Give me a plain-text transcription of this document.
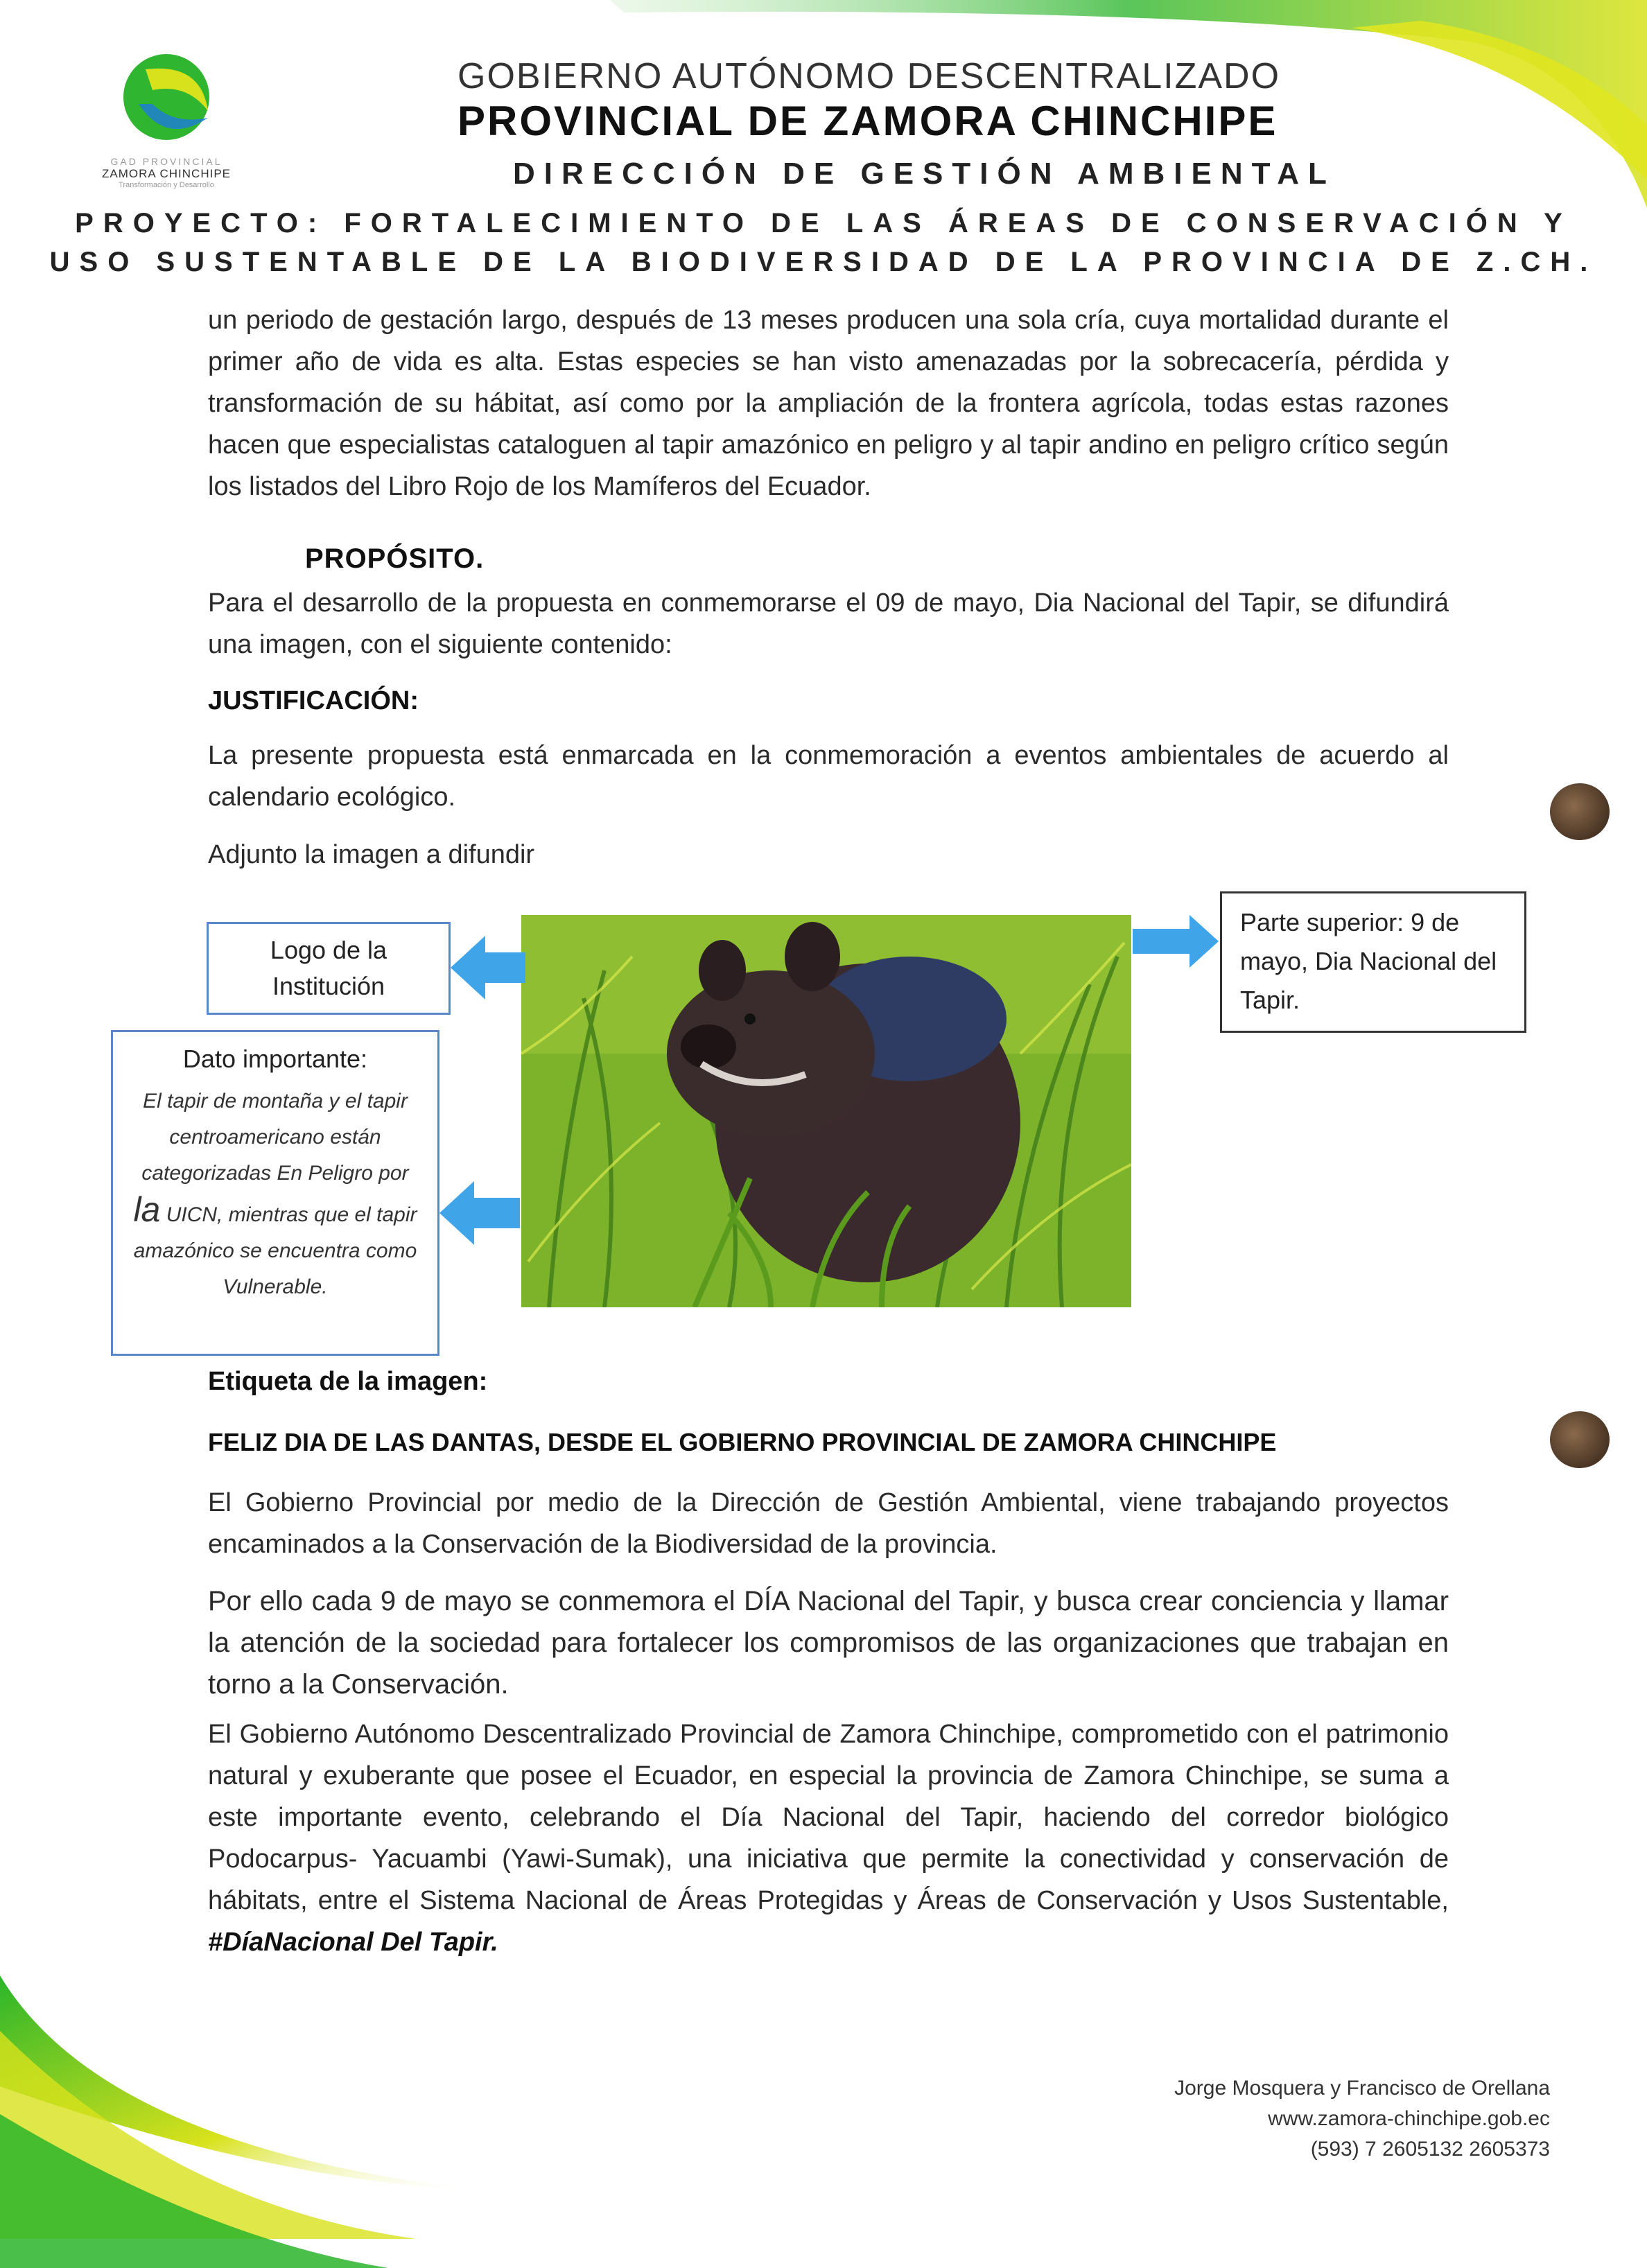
GAD PROVINCIAL
ZAMORA CHINCHIPE
Transformación y Desarrollo
GOBIERNO AUTÓNOMO DESCENTRALIZADO
PROVINCIAL DE ZAMORA CHINCHIPE
DIRECCIÓN DE GESTIÓN AMBIENTAL
PROYECTO: FORTALECIMIENTO DE LAS ÁREAS DE CONSERVACIÓN Y
USO SUSTENTABLE DE LA BIODIVERSIDAD DE LA PROVINCIA DE Z.CH.
un periodo de gestación largo, después de 13 meses producen una sola cría, cuya mortalidad durante el primer año de vida es alta. Estas especies se han visto amenazadas por la sobrecacería, pérdida y transformación de su hábitat, así como por la ampliación de la frontera agrícola, todas estas razones hacen que especialistas cataloguen al tapir amazónico en peligro y al tapir andino en peligro crítico según los listados del Libro Rojo de los Mamíferos del Ecuador.
PROPÓSITO.
Para el desarrollo de la propuesta en conmemorarse el 09 de mayo, Dia Nacional del Tapir, se difundirá una imagen, con el siguiente contenido:
JUSTIFICACIÓN:
La presente propuesta está enmarcada en la conmemoración a eventos ambientales de acuerdo al calendario ecológico.
Adjunto la imagen a difundir
Logo de la Institución
Parte superior: 9 de mayo, Dia Nacional del Tapir.
Dato importante:
El tapir de montaña y el tapir centroamericano están categorizadas En Peligro por la UICN, mientras que el tapir amazónico se encuentra como Vulnerable.
Etiqueta de la imagen:
FELIZ DIA DE LAS DANTAS, DESDE EL GOBIERNO PROVINCIAL DE ZAMORA CHINCHIPE
El Gobierno Provincial por medio de la Dirección de Gestión Ambiental, viene trabajando proyectos encaminados a la Conservación de la Biodiversidad de la provincia.
Por ello cada 9 de mayo se conmemora el DÍA Nacional del Tapir, y busca crear conciencia y llamar la atención de la sociedad para fortalecer los compromisos de las organizaciones que trabajan en torno a la Conservación.
El Gobierno Autónomo Descentralizado Provincial de Zamora Chinchipe, comprometido con el patrimonio natural y exuberante que posee el Ecuador, en especial la provincia de Zamora Chinchipe, se suma a este importante evento, celebrando el Día Nacional del Tapir, haciendo del corredor biológico Podocarpus- Yacuambi (Yawi-Sumak), una iniciativa que permite la conectividad y conservación de hábitats, entre el Sistema Nacional de Áreas Protegidas y Áreas de Conservación y Usos Sustentable, #DíaNacional Del Tapir.
Jorge Mosquera y Francisco de Orellana
www.zamora-chinchipe.gob.ec
(593) 7 2605132 2605373
